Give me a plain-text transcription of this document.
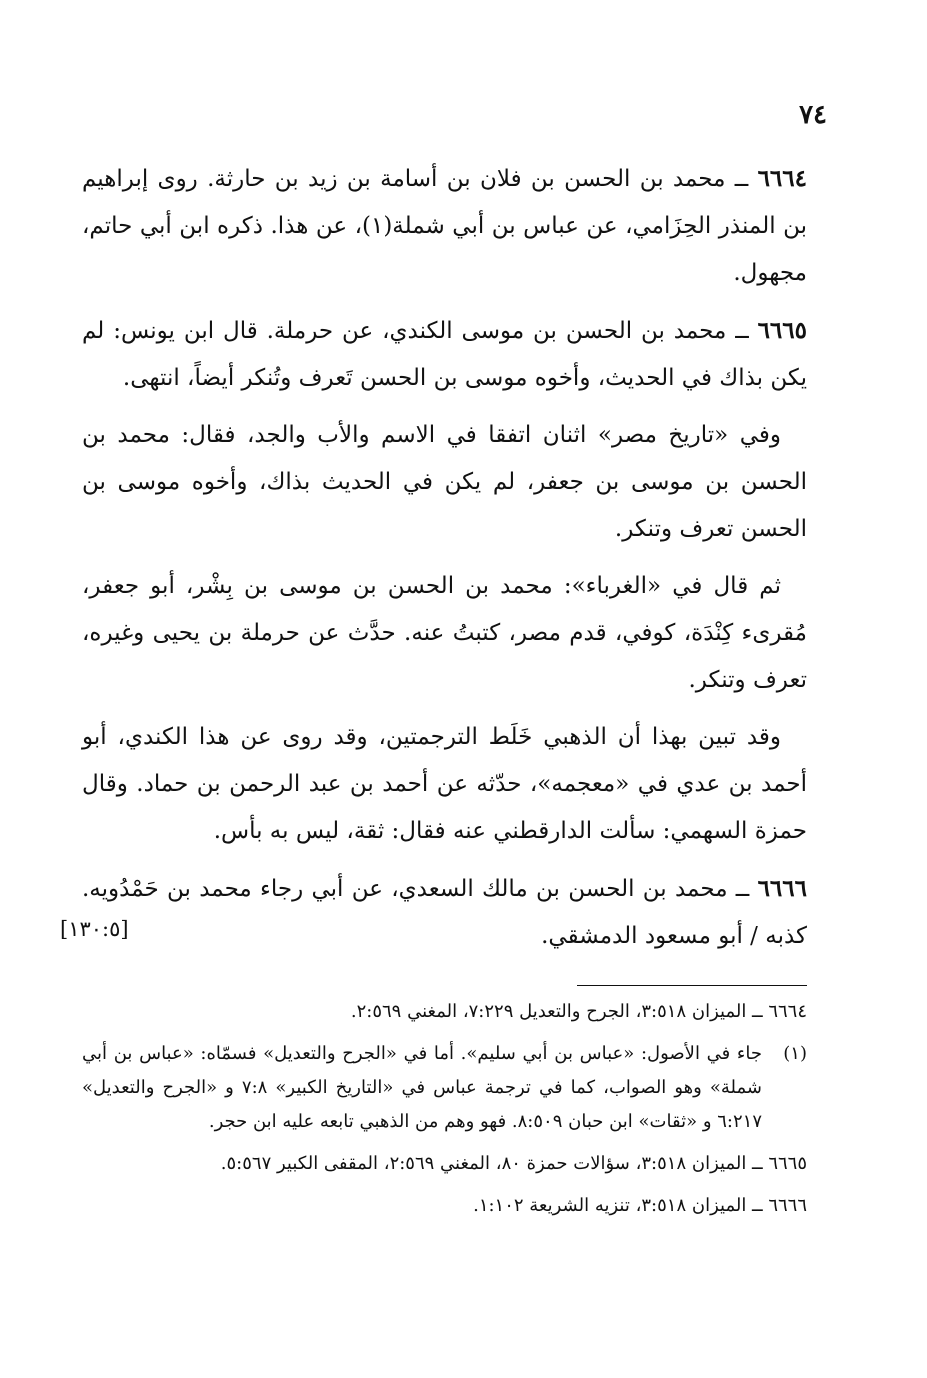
٧٤

٦٦٦٤ ــ محمد بن الحسن بن فلان بن أسامة بن زيد بن حارثة. روى إبراهيم بن المنذر الحِزَامي، عن عباس بن أبي شملة(١)، عن هذا. ذكره ابن أبي حاتم، مجهول.

٦٦٦٥ ــ محمد بن الحسن بن موسى الكندي، عن حرملة. قال ابن يونس: لم يكن بذاك في الحديث، وأخوه موسى بن الحسن تَعرف وتُنكر أيضاً، انتهى.

وفي «تاريخ مصر» اثنان اتفقا في الاسم والأب والجد، فقال: محمد بن الحسن بن موسى بن جعفر، لم يكن في الحديث بذاك، وأخوه موسى بن الحسن تعرف وتنكر.

ثم قال في «الغرباء»: محمد بن الحسن بن موسى بن بِشْر، أبو جعفر، مُقرىء كِنْدَة، كوفي، قدم مصر، كتبتُ عنه. حدَّث عن حرملة بن يحيى وغيره، تعرف وتنكر.

وقد تبين بهذا أن الذهبي خَلَط الترجمتين، وقد روى عن هذا الكندي، أبو أحمد بن عدي في «معجمه»، حدّثه عن أحمد بن عبد الرحمن بن حماد. وقال حمزة السهمي: سألت الدارقطني عنه فقال: ثقة، ليس به بأس.

٦٦٦٦ ــ محمد بن الحسن بن مالك السعدي، عن أبي رجاء محمد بن حَمْدُويه. كذبه / أبو مسعود الدمشقي.

[١٣٠:٥]

٦٦٦٤ ــ الميزان ٣:٥١٨، الجرح والتعديل ٧:٢٢٩، المغني ٢:٥٦٩.

(١)جاء في الأصول: «عباس بن أبي سليم». أما في «الجرح والتعديل» فسمّاه: «عباس بن أبي شملة» وهو الصواب، كما في ترجمة عباس في «التاريخ الكبير» ٧:٨ و «الجرح والتعديل» ٦:٢١٧ و «ثقات» ابن حبان ٨:٥٠٩. فهو وهم من الذهبي تابعه عليه ابن حجر.

٦٦٦٥ ــ الميزان ٣:٥١٨، سؤالات حمزة ٨٠، المغني ٢:٥٦٩، المقفى الكبير ٥:٥٦٧.

٦٦٦٦ ــ الميزان ٣:٥١٨، تنزيه الشريعة ١:١٠٢.
